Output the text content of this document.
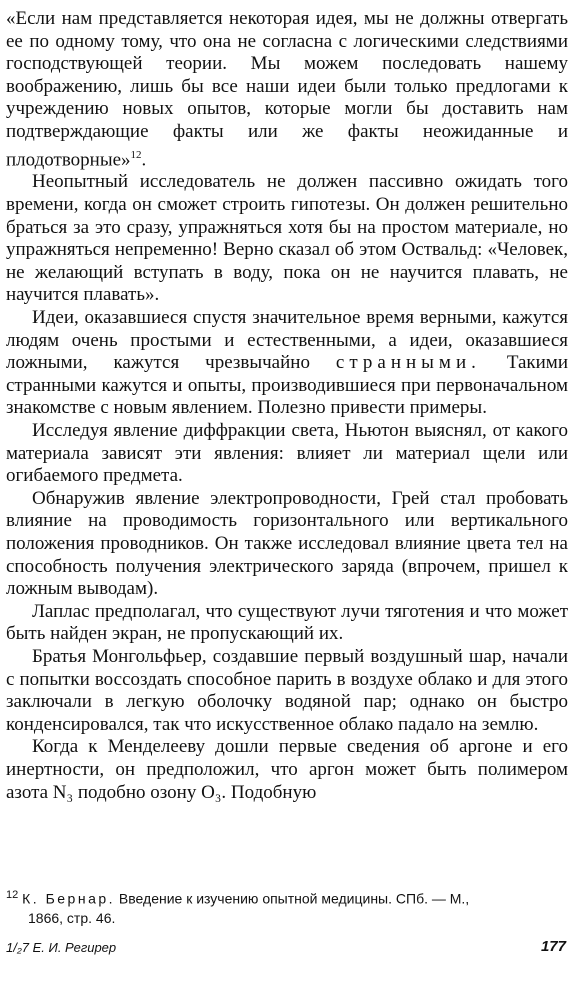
«Если нам представляется некоторая идея, мы не должны отвергать ее по одному тому, что она не согласна с логическими следствиями господствующей теории. Мы можем последовать нашему воображению, лишь бы все наши идеи были только предлогами к учреждению новых опытов, которые могли бы доставить нам подтверждающие факты или же факты неожиданные и плодотворные»$^{12}$.

Неопытный исследователь не должен пассивно ожидать того времени, когда он сможет строить гипотезы. Он должен решительно браться за это сразу, упражняться хотя бы на простом материале, но упражняться непременно! Верно сказал об этом Оствальд: «Человек, не желающий вступать в воду, пока он не научится плавать, не научится плавать».

Идеи, оказавшиеся спустя значительное время верными, кажутся людям очень простыми и естественными, а идеи, оказавшиеся ложными, кажутся чрезвычайно странными. Такими странными кажутся и опыты, производившиеся при первоначальном знакомстве с новым явлением. Полезно привести примеры.

Исследуя явление диффракции света, Ньютон выяснял, от какого материала зависят эти явления: влияет ли материал щели или огибаемого предмета.

Обнаружив явление электропроводности, Грей стал пробовать влияние на проводимость горизонтального или вертикального положения проводников. Он также исследовал влияние цвета тел на способность получения электрического заряда (впрочем, пришел к ложным выводам).

Лаплас предполагал, что существуют лучи тяготения и что может быть найден экран, не пропускающий их.

Братья Монгольфьер, создавшие первый воздушный шар, начали с попытки воссоздать способное парить в воздухе облако и для этого заключали в легкую оболочку водяной пар; однако он быстро конденсировался, так что искусственное облако падало на землю.

Когда к Менделееву дошли первые сведения об аргоне и его инертности, он предположил, что аргон может быть полимером азота N₃ подобно озону O₃. Подобную

$^{12}$ К. Бернар. Введение к изучению опытной медицины. СПб. — М.,
1866, стр. 46.
1/₂7 Е. И. Регирер	177
